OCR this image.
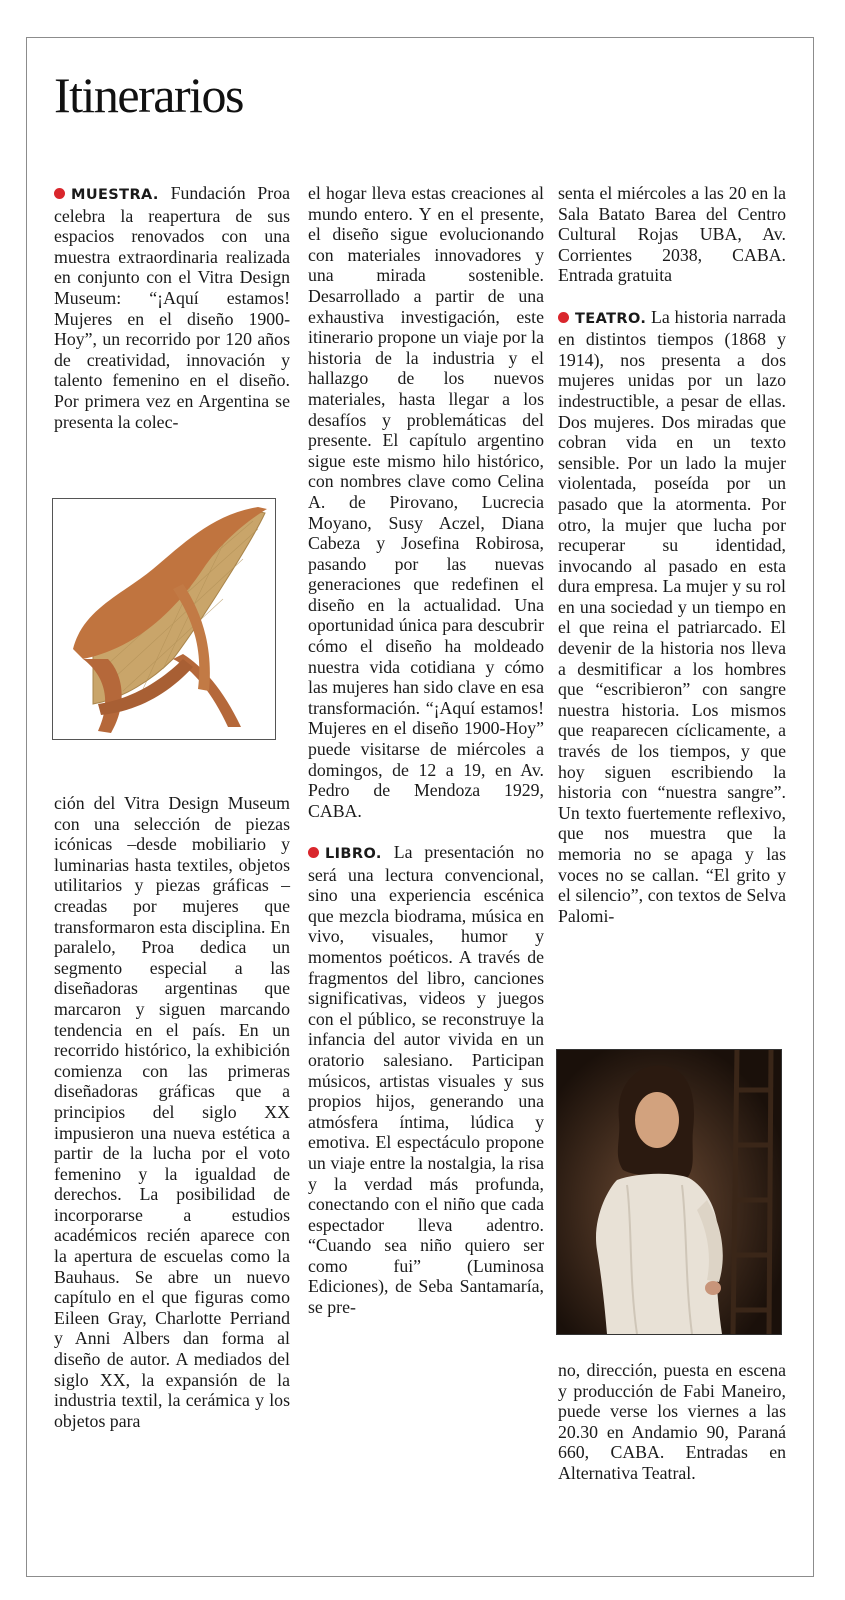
Itinerarios

MUESTRA. Fundación Proa celebra la reapertura de sus espacios renovados con una muestra extraordinaria realizada en conjunto con el Vitra Design Museum: “¡Aquí estamos! Mujeres en el diseño 1900-Hoy”, un recorrido por 120 años de creatividad, innovación y talento femenino en el diseño. Por primera vez en Argentina se presenta la colec-

ción del Vitra Design Museum con una selección de piezas icónicas –desde mobiliario y luminarias hasta textiles, objetos utilitarios y piezas gráficas –creadas por mujeres que transformaron esta disciplina. En paralelo, Proa dedica un segmento especial a las diseñadoras argentinas que marcaron y siguen marcando tendencia en el país. En un recorrido histórico, la exhibición comienza con las primeras diseñadoras gráficas que a principios del siglo XX impusieron una nueva estética a partir de la lucha por el voto femenino y la igualdad de derechos. La posibilidad de incorporarse a estudios académicos recién aparece con la apertura de escuelas como la Bauhaus. Se abre un nuevo capítulo en el que figuras como Eileen Gray, Charlotte Perriand y Anni Albers dan forma al diseño de autor. A mediados del siglo XX, la expansión de la industria textil, la cerámica y los objetos para

el hogar lleva estas creaciones al mundo entero. Y en el presente, el diseño sigue evolucionando con materiales innovadores y una mirada sostenible. Desarrollado a partir de una exhaustiva investigación, este itinerario propone un viaje por la historia de la industria y el hallazgo de los nuevos materiales, hasta llegar a los desafíos y problemáticas del presente. El capítulo argentino sigue este mismo hilo histórico, con nombres clave como Celina A. de Pirovano, Lucrecia Moyano, Susy Aczel, Diana Cabeza y Josefina Robirosa, pasando por las nuevas generaciones que redefinen el diseño en la actualidad. Una oportunidad única para descubrir cómo el diseño ha moldeado nuestra vida cotidiana y cómo las mujeres han sido clave en esa transformación. “¡Aquí estamos! Mujeres en el diseño 1900-Hoy” puede visitarse de miércoles a domingos, de 12 a 19, en Av. Pedro de Mendoza 1929, CABA.

LIBRO. La presentación no será una lectura convencional, sino una experiencia escénica que mezcla biodrama, música en vivo, visuales, humor y momentos poéticos. A través de fragmentos del libro, canciones significativas, videos y juegos con el público, se reconstruye la infancia del autor vivida en un oratorio salesiano. Participan músicos, artistas visuales y sus propios hijos, generando una atmósfera íntima, lúdica y emotiva. El espectáculo propone un viaje entre la nostalgia, la risa y la verdad más profunda, conectando con el niño que cada espectador lleva adentro. “Cuando sea niño quiero ser como fui” (Luminosa Ediciones), de Seba Santamaría, se pre-

senta el miércoles a las 20 en la Sala Batato Barea del Centro Cultural Rojas UBA, Av. Corrientes 2038, CABA. Entrada gratuita

TEATRO. La historia narrada en distintos tiempos (1868 y 1914), nos presenta a dos mujeres unidas por un lazo indestructible, a pesar de ellas. Dos mujeres. Dos miradas que cobran vida en un texto sensible. Por un lado la mujer violentada, poseída por un pasado que la atormenta. Por otro, la mujer que lucha por recuperar su identidad, invocando al pasado en esta dura empresa. La mujer y su rol en una sociedad y un tiempo en el que reina el patriarcado. El devenir de la historia nos lleva a desmitificar a los hombres que “escribieron” con sangre nuestra historia. Los mismos que reaparecen cíclicamente, a través de los tiempos, y que hoy siguen escribiendo la historia con “nuestra sangre”. Un texto fuertemente reflexivo, que nos muestra que la memoria no se apaga y las voces no se callan. “El grito y el silencio”, con textos de Selva Palomi-

no, dirección, puesta en escena y producción de Fabi Maneiro, puede verse los viernes a las 20.30 en Andamio 90, Paraná 660, CABA. Entradas en Alternativa Teatral.
